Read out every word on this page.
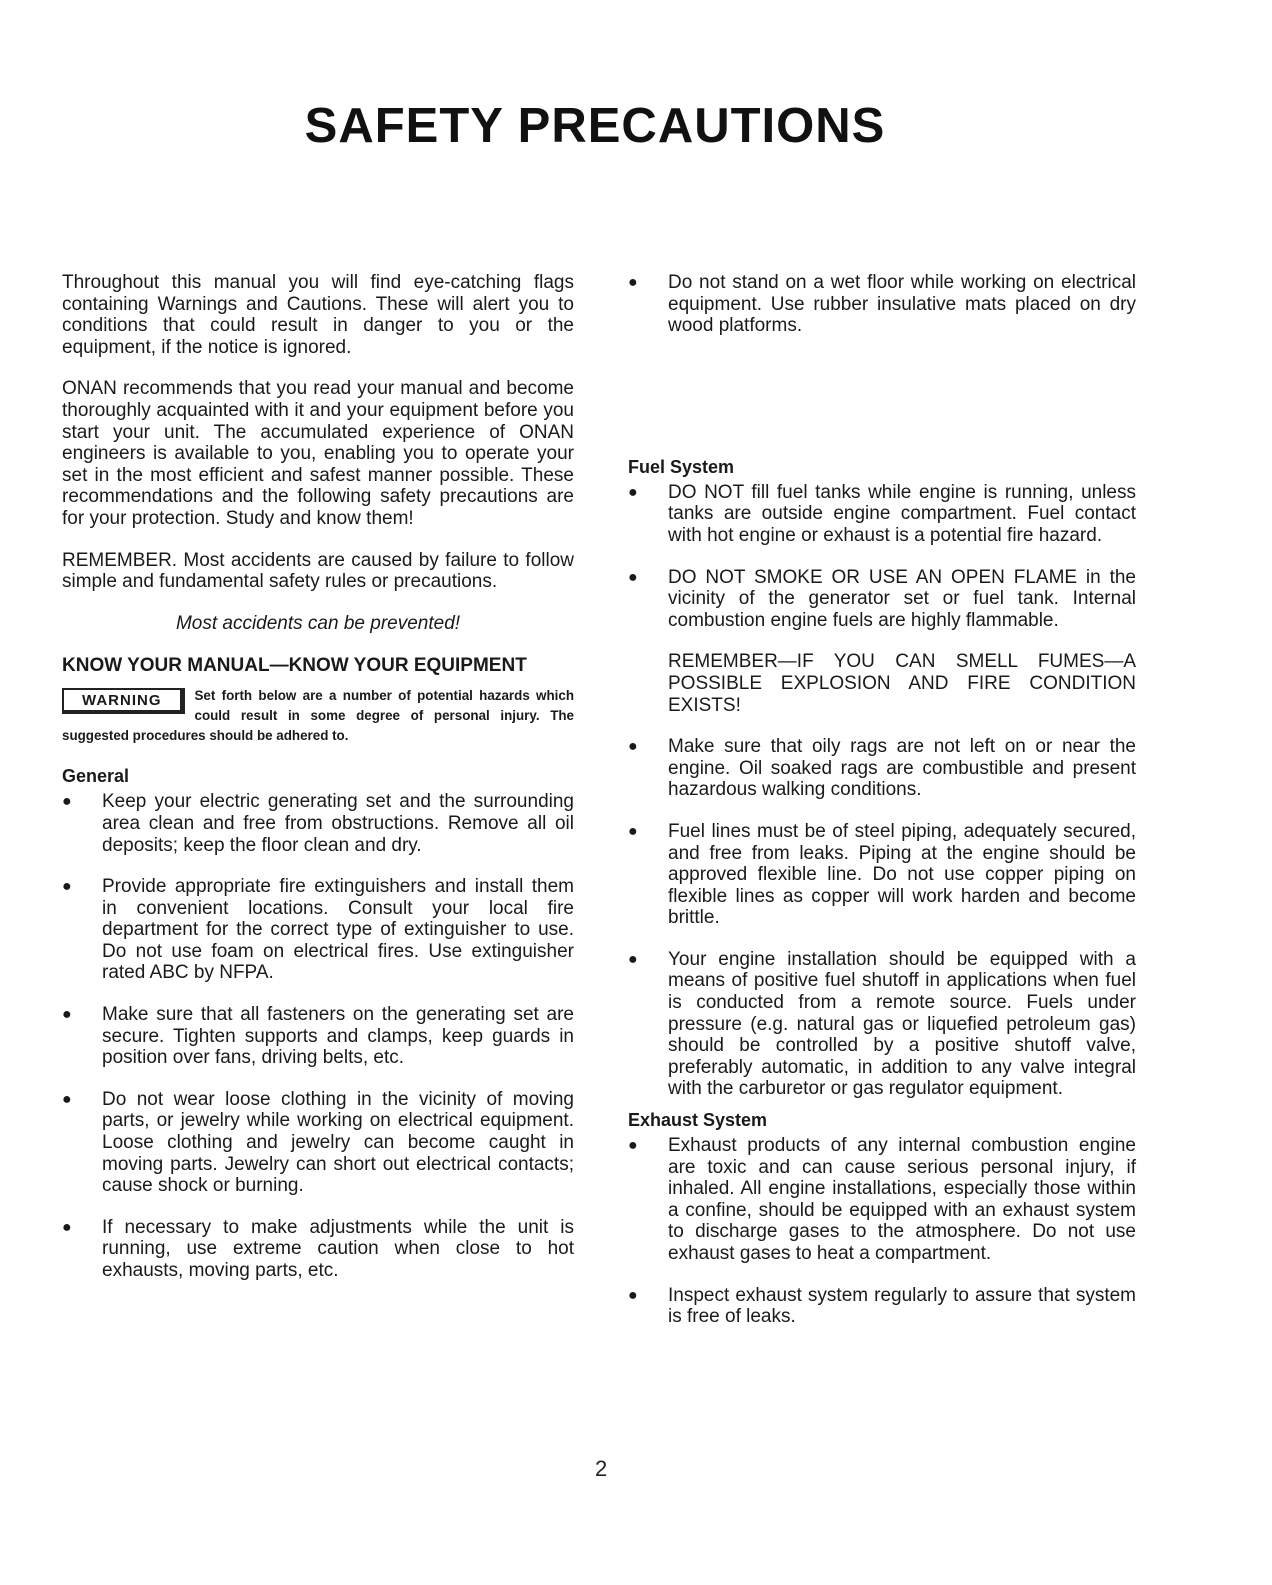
SAFETY PRECAUTIONS

Throughout this manual you will find eye-catching flags containing Warnings and Cautions. These will alert you to conditions that could result in danger to you or the equipment, if the notice is ignored.

ONAN recommends that you read your manual and become thoroughly acquainted with it and your equipment before you start your unit. The accumulated experience of ONAN engineers is available to you, enabling you to operate your set in the most efficient and safest manner possible. These recommendations and the following safety precautions are for your protection. Study and know them!

REMEMBER. Most accidents are caused by failure to follow simple and fundamental safety rules or precautions.

Most accidents can be prevented!

KNOW YOUR MANUAL—KNOW YOUR EQUIPMENT
WARNING	Set forth below are a number of potential hazards which could result in some degree of personal injury. The suggested procedures should be adhered to.
General
● Keep your electric generating set and the surrounding area clean and free from obstructions. Remove all oil deposits; keep the floor clean and dry.
● Provide appropriate fire extinguishers and install them in convenient locations. Consult your local fire department for the correct type of extinguisher to use. Do not use foam on electrical fires. Use extinguisher rated ABC by NFPA.
● Make sure that all fasteners on the generating set are secure. Tighten supports and clamps, keep guards in position over fans, driving belts, etc.
● Do not wear loose clothing in the vicinity of moving parts, or jewelry while working on electrical equipment. Loose clothing and jewelry can become caught in moving parts. Jewelry can short out electrical contacts; cause shock or burning.
● If necessary to make adjustments while the unit is running, use extreme caution when close to hot exhausts, moving parts, etc.
● Do not stand on a wet floor while working on electrical equipment. Use rubber insulative mats placed on dry wood platforms.
Fuel System
● DO NOT fill fuel tanks while engine is running, unless tanks are outside engine compartment. Fuel contact with hot engine or exhaust is a potential fire hazard.
● DO NOT SMOKE OR USE AN OPEN FLAME in the vicinity of the generator set or fuel tank. Internal combustion engine fuels are highly flammable.
REMEMBER—IF YOU CAN SMELL FUMES—A POSSIBLE EXPLOSION AND FIRE CONDITION EXISTS!
● Make sure that oily rags are not left on or near the engine. Oil soaked rags are combustible and present hazardous walking conditions.
● Fuel lines must be of steel piping, adequately secured, and free from leaks. Piping at the engine should be approved flexible line. Do not use copper piping on flexible lines as copper will work harden and become brittle.
● Your engine installation should be equipped with a means of positive fuel shutoff in applications when fuel is conducted from a remote source. Fuels under pressure (e.g. natural gas or liquefied petroleum gas) should be controlled by a positive shutoff valve, preferably automatic, in addition to any valve integral with the carburetor or gas regulator equipment.
Exhaust System
● Exhaust products of any internal combustion engine are toxic and can cause serious personal injury, if inhaled. All engine installations, especially those within a confine, should be equipped with an exhaust system to discharge gases to the atmosphere. Do not use exhaust gases to heat a compartment.
● Inspect exhaust system regularly to assure that system is free of leaks.
2
